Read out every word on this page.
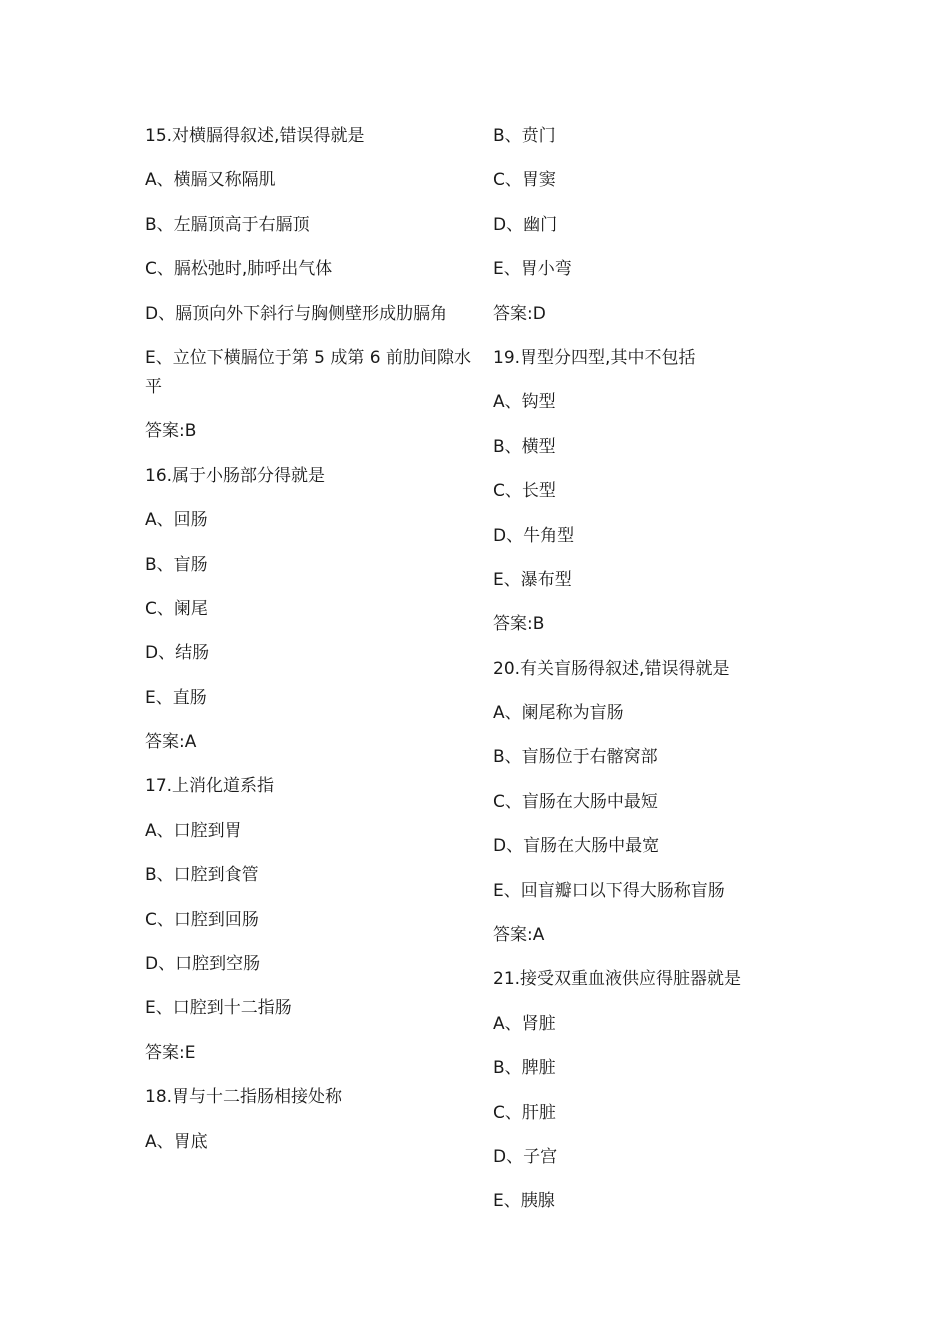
15.对横膈得叙述,错误得就是

A、横膈又称隔肌

B、左膈顶高于右膈顶

C、膈松弛时,肺呼出气体

D、膈顶向外下斜行与胸侧壁形成肋膈角

E、立位下横膈位于第 5 成第 6 前肋间隙水平

答案:B

16.属于小肠部分得就是

A、回肠

B、盲肠

C、阑尾

D、结肠

E、直肠

答案:A

17.上消化道系指

A、口腔到胃

B、口腔到食管

C、口腔到回肠

D、口腔到空肠

E、口腔到十二指肠

答案:E

18.胃与十二指肠相接处称

A、胃底

B、贲门

C、胃窦

D、幽门

E、胃小弯

答案:D

19.胃型分四型,其中不包括

A、钩型

B、横型

C、长型

D、牛角型

E、瀑布型

答案:B

20.有关盲肠得叙述,错误得就是

A、阑尾称为盲肠

B、盲肠位于右髂窝部

C、盲肠在大肠中最短

D、盲肠在大肠中最宽

E、回盲瓣口以下得大肠称盲肠

答案:A

21.接受双重血液供应得脏器就是

A、肾脏

B、脾脏

C、肝脏

D、子宫

E、胰腺
